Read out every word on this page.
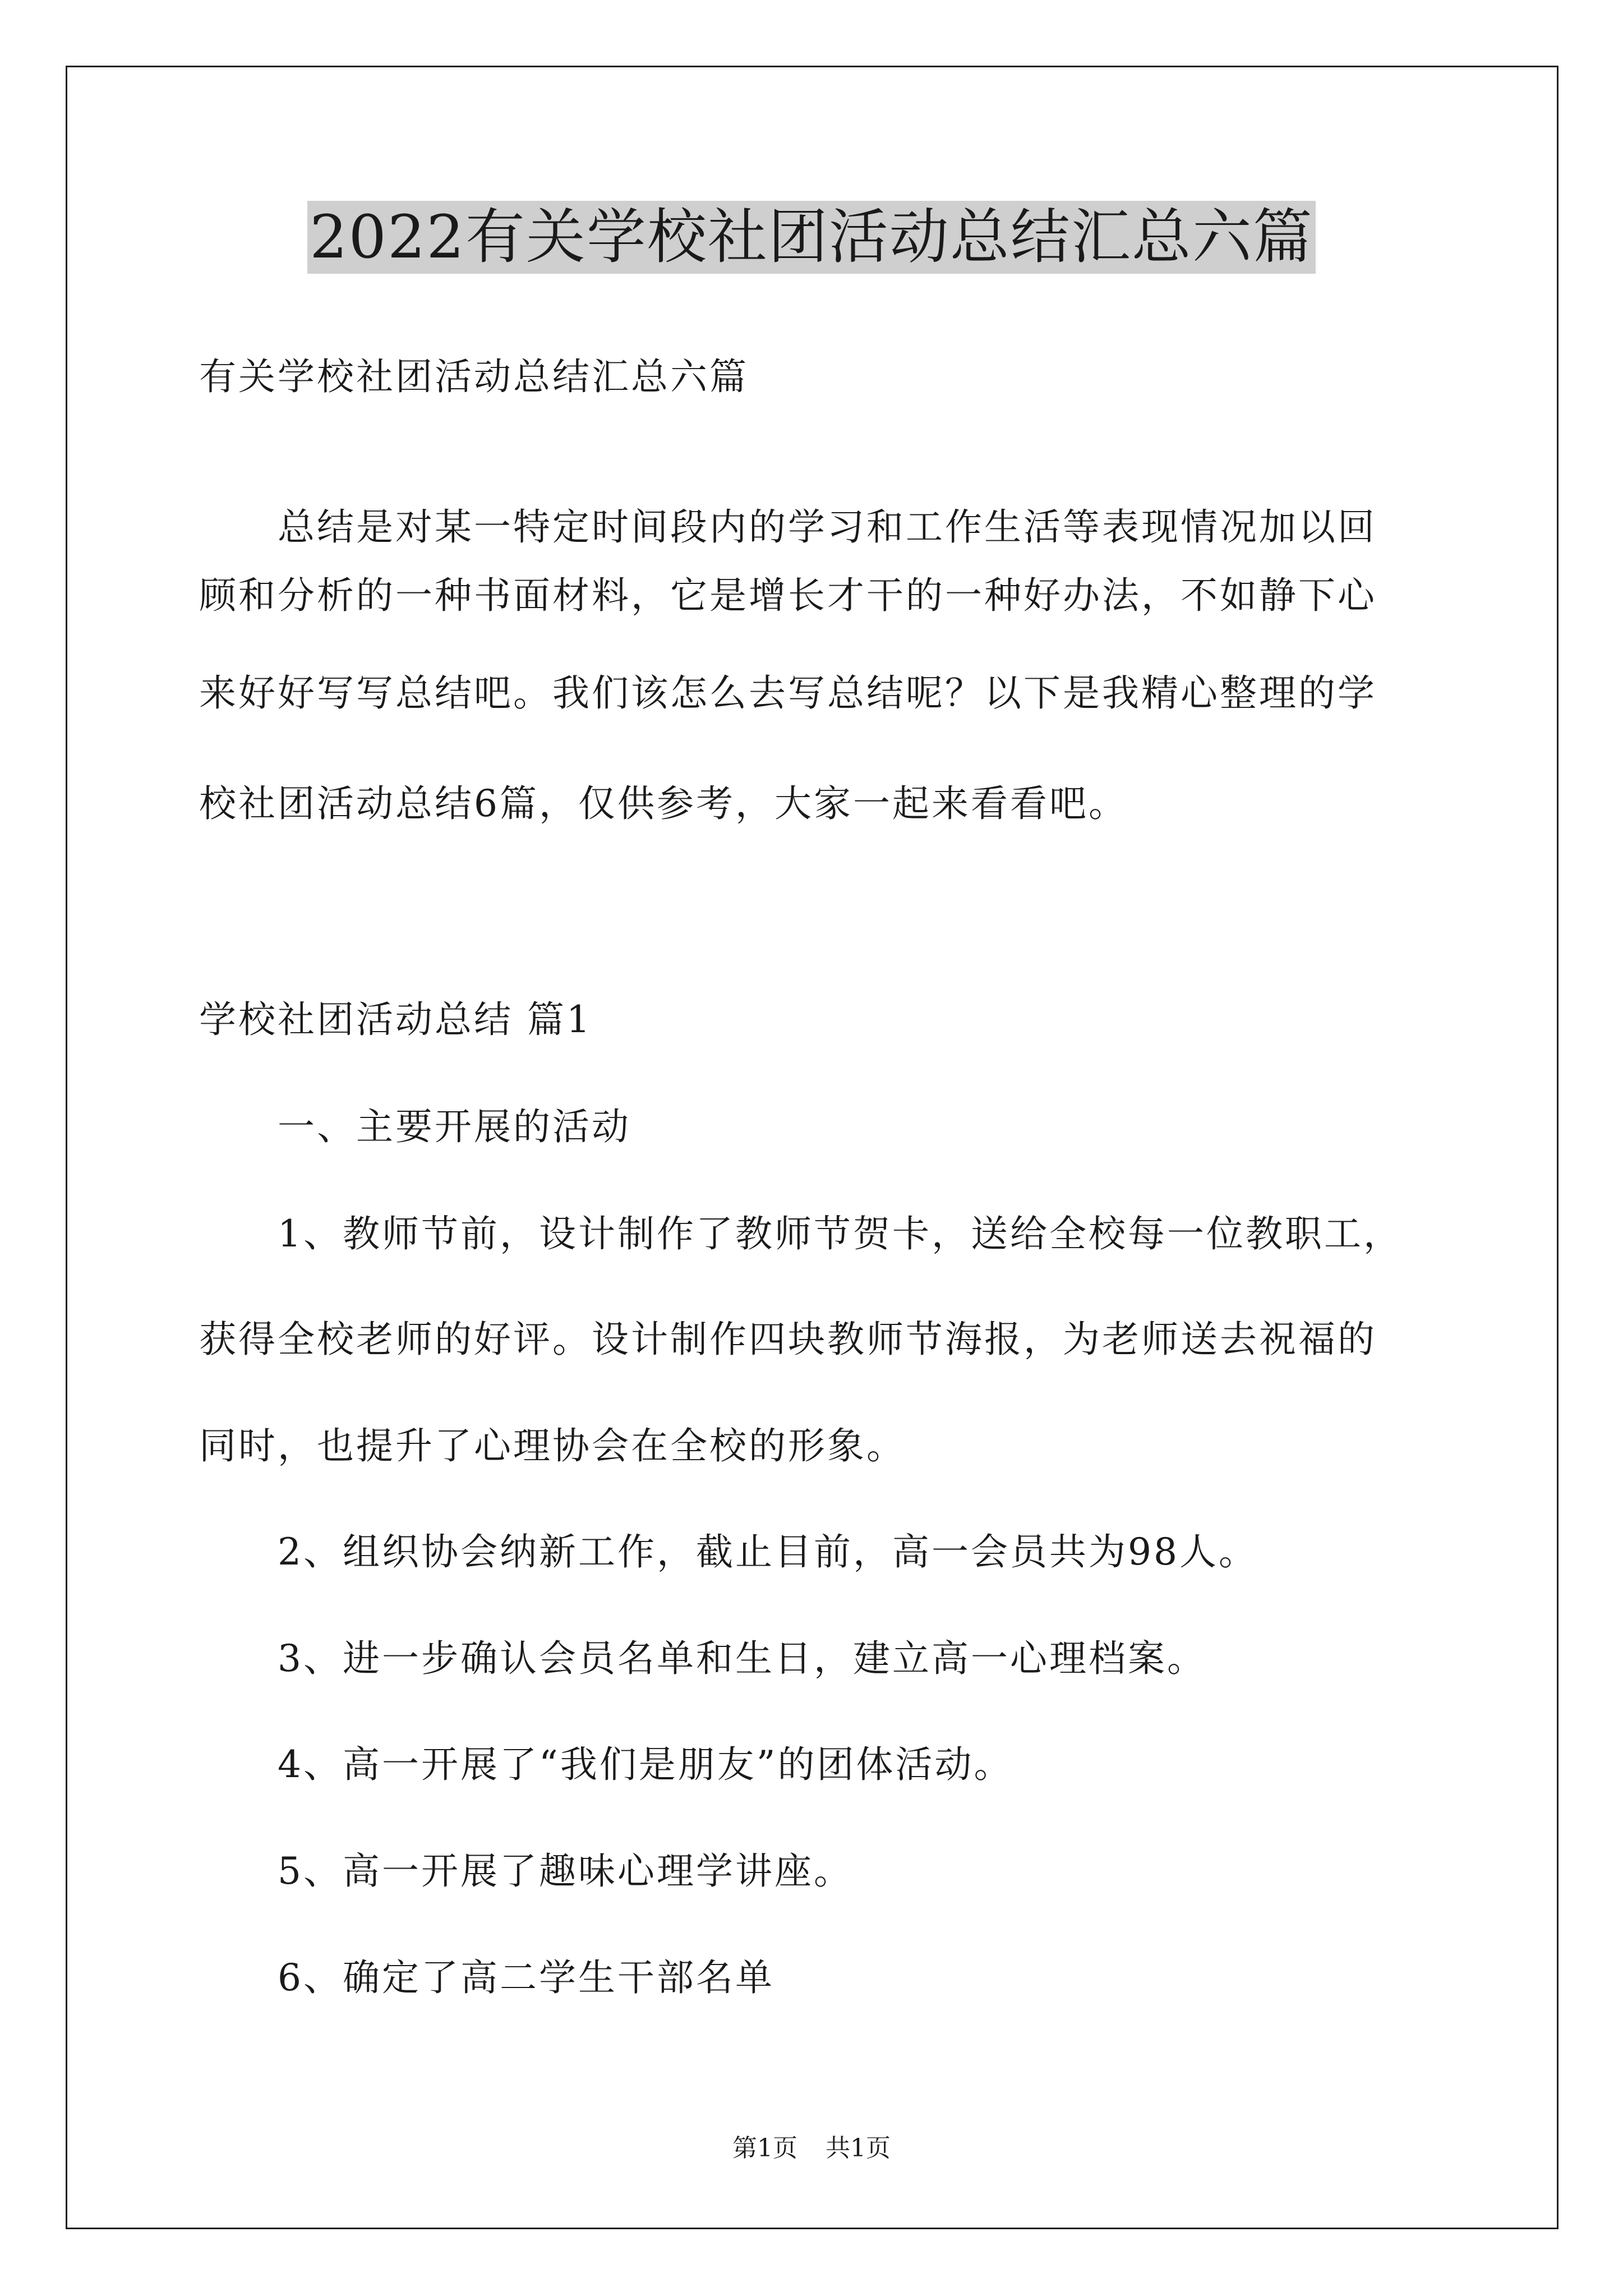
2022有关学校社团活动总结汇总六篇
有关学校社团活动总结汇总六篇
总结是对某一特定时间段内的学习和工作生活等表现情况加以回
顾和分析的一种书面材料，它是增长才干的一种好办法，不如静下心
来好好写写总结吧。我们该怎么去写总结呢？以下是我精心整理的学
校社团活动总结6篇，仅供参考，大家一起来看看吧。
学校社团活动总结 篇1
一、主要开展的活动
1、教师节前，设计制作了教师节贺卡，送给全校每一位教职工，
获得全校老师的好评。设计制作四块教师节海报，为老师送去祝福的
同时，也提升了心理协会在全校的形象。
2、组织协会纳新工作，截止目前，高一会员共为98人。
3、进一步确认会员名单和生日，建立高一心理档案。
4、高一开展了“我们是朋友”的团体活动。
5、高一开展了趣味心理学讲座。
6、确定了高二学生干部名单
第1页 共1页
